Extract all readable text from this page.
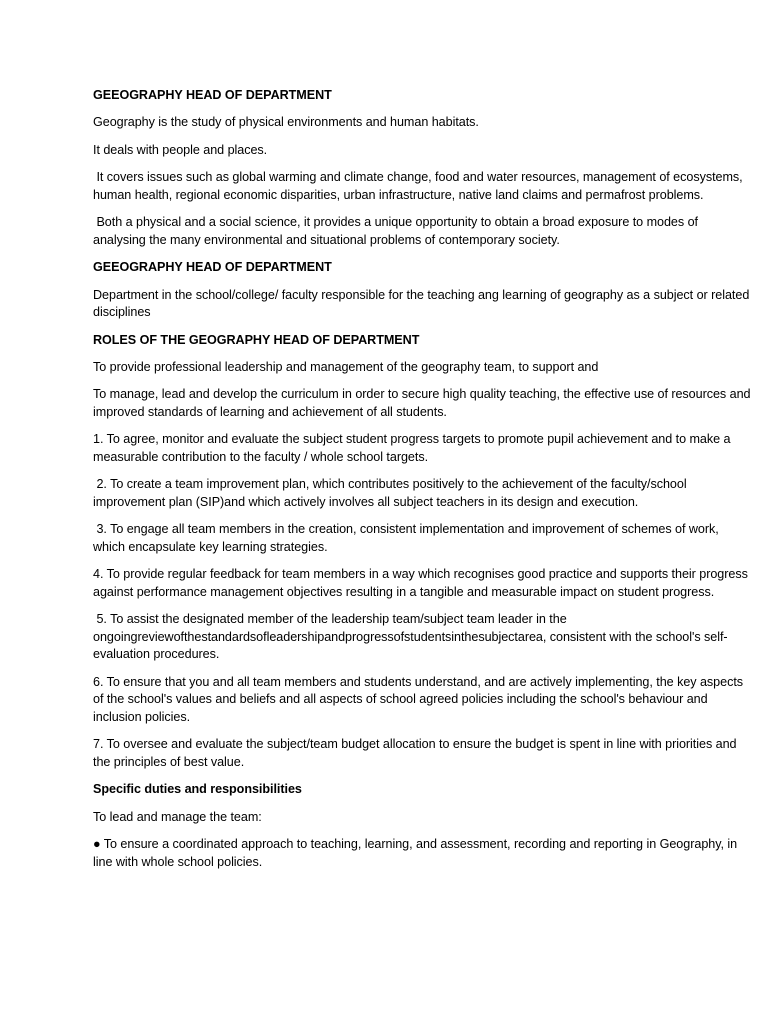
GEEOGRAPHY HEAD OF DEPARTMENT

Geography is the study of physical environments and human habitats.

It deals with people and places.

It covers issues such as global warming and climate change, food and water resources, management of ecosystems, human health, regional economic disparities, urban infrastructure, native land claims and permafrost problems.

Both a physical and a social science, it provides a unique opportunity to obtain a broad exposure to modes of analysing the many environmental and situational problems of contemporary society.

GEEOGRAPHY HEAD OF DEPARTMENT

Department in the school/college/ faculty responsible for the teaching ang learning of geography as a subject or related disciplines

ROLES OF THE GEOGRAPHY HEAD OF DEPARTMENT

To provide professional leadership and management of the geography team, to support and

To manage, lead and develop the curriculum in order to secure high quality teaching, the effective use of resources and improved standards of learning and achievement of all students.

1. To agree, monitor and evaluate the subject student progress targets to promote pupil achievement and to make a measurable contribution to the faculty / whole school targets.

2. To create a team improvement plan, which contributes positively to the achievement of the faculty/school improvement plan (SIP)and which actively involves all subject teachers in its design and execution.

3. To engage all team members in the creation, consistent implementation and improvement of schemes of work, which encapsulate key learning strategies.

4. To provide regular feedback for team members in a way which recognises good practice and supports their progress against performance management objectives resulting in a tangible and measurable impact on student progress.

5. To assist the designated member of the leadership team/subject team leader in the ongoingreviewofthestandardsofleadershipandprogressofstudentsinthesubjectarea, consistent with the school's self-evaluation procedures.

6. To ensure that you and all team members and students understand, and are actively implementing, the key aspects of the school's values and beliefs and all aspects of school agreed policies including the school's behaviour and inclusion policies.

7. To oversee and evaluate the subject/team budget allocation to ensure the budget is spent in line with priorities and the principles of best value.

Specific duties and responsibilities

To lead and manage the team:

● To ensure a coordinated approach to teaching, learning, and assessment, recording and reporting in Geography, in line with whole school policies.
